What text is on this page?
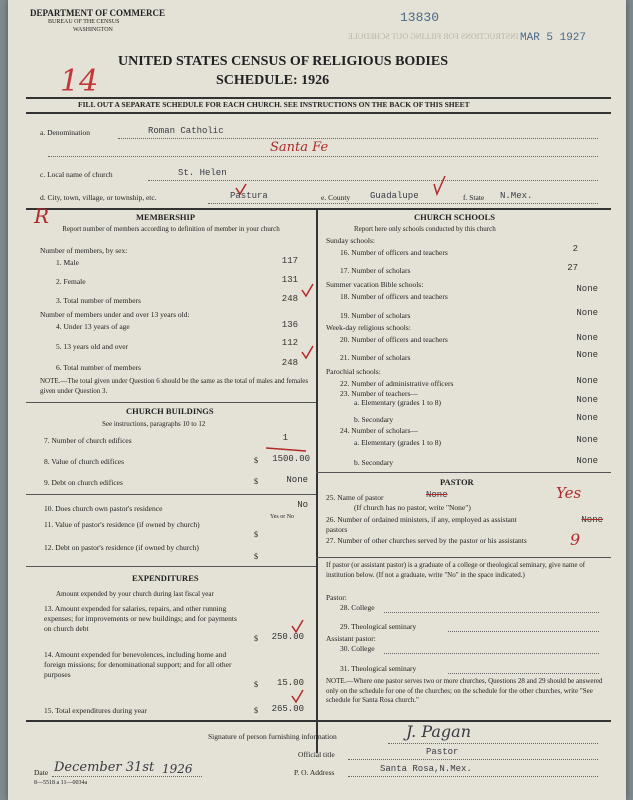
DEPARTMENT OF COMMERCE
BUREAU OF THE CENSUS
WASHINGTON
13830
MAR 5 1927
INSTRUCTIONS FOR FILLING OUT SCHEDULE
UNITED STATES CENSUS OF RELIGIOUS BODIES
SCHEDULE: 1926
14
FILL OUT A SEPARATE SCHEDULE FOR EACH CHURCH. SEE INSTRUCTIONS ON THE BACK OF THIS SHEET
a. Denomination	Roman Catholic
Santa Fe
c. Local name of church	St. Helen
d. City, town, village, or township, etc.	Pastura	e. County Guadalupe	f. State N.Mex.
MEMBERSHIP
Report number of members according to definition of member in your church
Number of members, by sex:
R
1. Male	117
2. Female	131
3. Total number of members	248
Number of members under and over 13 years old:
4. Under 13 years of age	136
5. 13 years old and over	112
6. Total number of members	248
NOTE.—The total given under Question 6 should be the same as the total of males and females given under Question 3.
CHURCH BUILDINGS
See instructions, paragraphs 10 to 12
7. Number of church edifices	1
8. Value of church edifices	$	1500.00
9. Debt on church edifices	$	None
10. Does church own pastor's residence	No
Yes or No
11. Value of pastor's residence (if owned by church)
$
12. Debt on pastor's residence (if owned by church)
$
EXPENDITURES
Amount expended by your church during last fiscal year
13. Amount expended for salaries, repairs, and other running expenses; for improvements or new buildings; and for payments on church debt
$	250.00
14. Amount expended for benevolences, including home and foreign missions; for denominational support; and for all other purposes
$	15.00
15. Total expenditures during year	$	265.00
CHURCH SCHOOLS
Report here only schools conducted by this church
Sunday schools:
16. Number of officers and teachers	2
17. Number of scholars	27
Summer vacation Bible schools:
18. Number of officers and teachers
None
19. Number of scholars	None
Week-day religious schools:
20. Number of officers and teachers	None
21. Number of scholars	None
Parochial schools:
22. Number of administrative officers	None
23. Number of teachers—
a. Elementary (grades 1 to 8)	None
b. Secondary	None
24. Number of scholars—
a. Elementary (grades 1 to 8)	None
b. Secondary	None
PASTOR
25. Name of pastor	None	Yes
(If church has no pastor, write "None")
26. Number of ordained ministers, if any, employed as assistant pastors
None
27. Number of other churches served by the pastor or his assistants	9
If pastor (or assistant pastor) is a graduate of a college or theological seminary, give name of institution below. (If not a graduate, write "No" in the space indicated.)
Pastor:
28. College
29. Theological seminary
Assistant pastor:
30. College
31. Theological seminary
NOTE.—Where one pastor serves two or more churches, Questions 28 and 29 should be answered only on the schedule for one of the churches; on the schedule for the other churches, write "See schedule for Santa Rosa church."
Signature of person furnishing information	J. Pagan
Official title	Pastor
Date December 31st 1926	P. O. Address	Santa Rosa,N.Mex.
8—5518 a 11—0034a
